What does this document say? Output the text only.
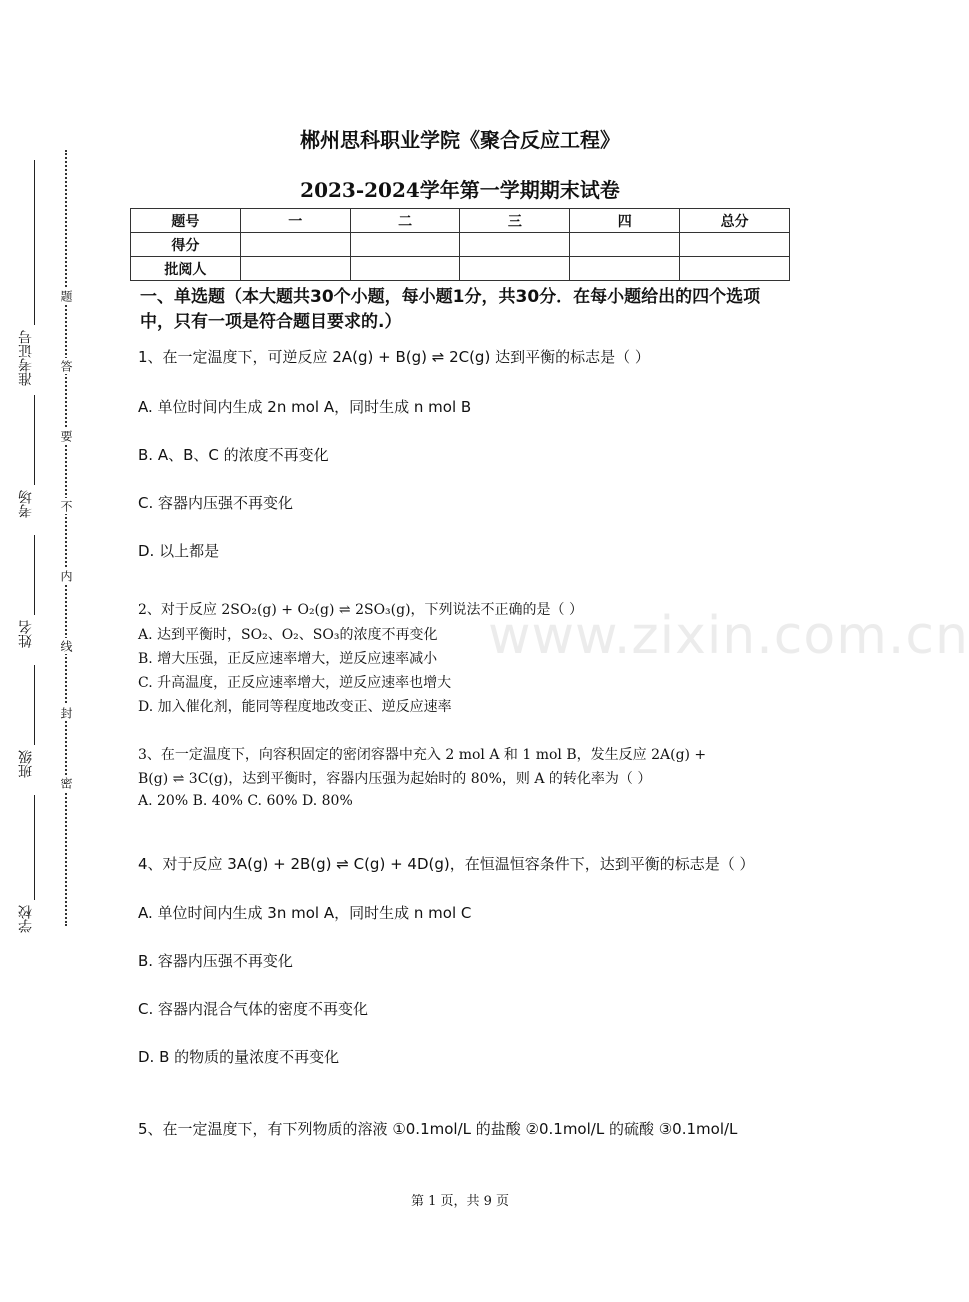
准考证号
考场
姓名
班级
学校
题
答
要
不
内
线
封
密
郴州思科职业学院《聚合反应工程》
2023-2024学年第一学期期末试卷
题号	一	二	三	四	总分
得分					
批阅人					
一、单选题（本大题共30个小题，每小题1分，共30分．在每小题给出的四个选项中，只有一项是符合题目要求的.）
www.zixin.com.cn
1、在一定温度下，可逆反应 2A(g) + B(g) ⇌ 2C(g) 达到平衡的标志是（ ）
A. 单位时间内生成 2n mol A，同时生成 n mol B
B. A、B、C 的浓度不再变化
C. 容器内压强不再变化
D. 以上都是
2、对于反应 2SO₂(g) + O₂(g) ⇌ 2SO₃(g)，下列说法不正确的是（ ）
A. 达到平衡时，SO₂、O₂、SO₃的浓度不再变化
B. 增大压强，正反应速率增大，逆反应速率减小
C. 升高温度，正反应速率增大，逆反应速率也增大
D. 加入催化剂，能同等程度地改变正、逆反应速率
3、在一定温度下，向容积固定的密闭容器中充入 2 mol A 和 1 mol B，发生反应 2A(g) +
B(g) ⇌ 3C(g)，达到平衡时，容器内压强为起始时的 80%，则 A 的转化率为（ ）
A. 20% B. 40% C. 60% D. 80%
4、对于反应 3A(g) + 2B(g) ⇌ C(g) + 4D(g)，在恒温恒容条件下，达到平衡的标志是（ ）
A. 单位时间内生成 3n mol A，同时生成 n mol C
B. 容器内压强不再变化
C. 容器内混合气体的密度不再变化
D. B 的物质的量浓度不再变化
5、在一定温度下，有下列物质的溶液 ①0.1mol/L 的盐酸 ②0.1mol/L 的硫酸 ③0.1mol/L
第 1 页，共 9 页
